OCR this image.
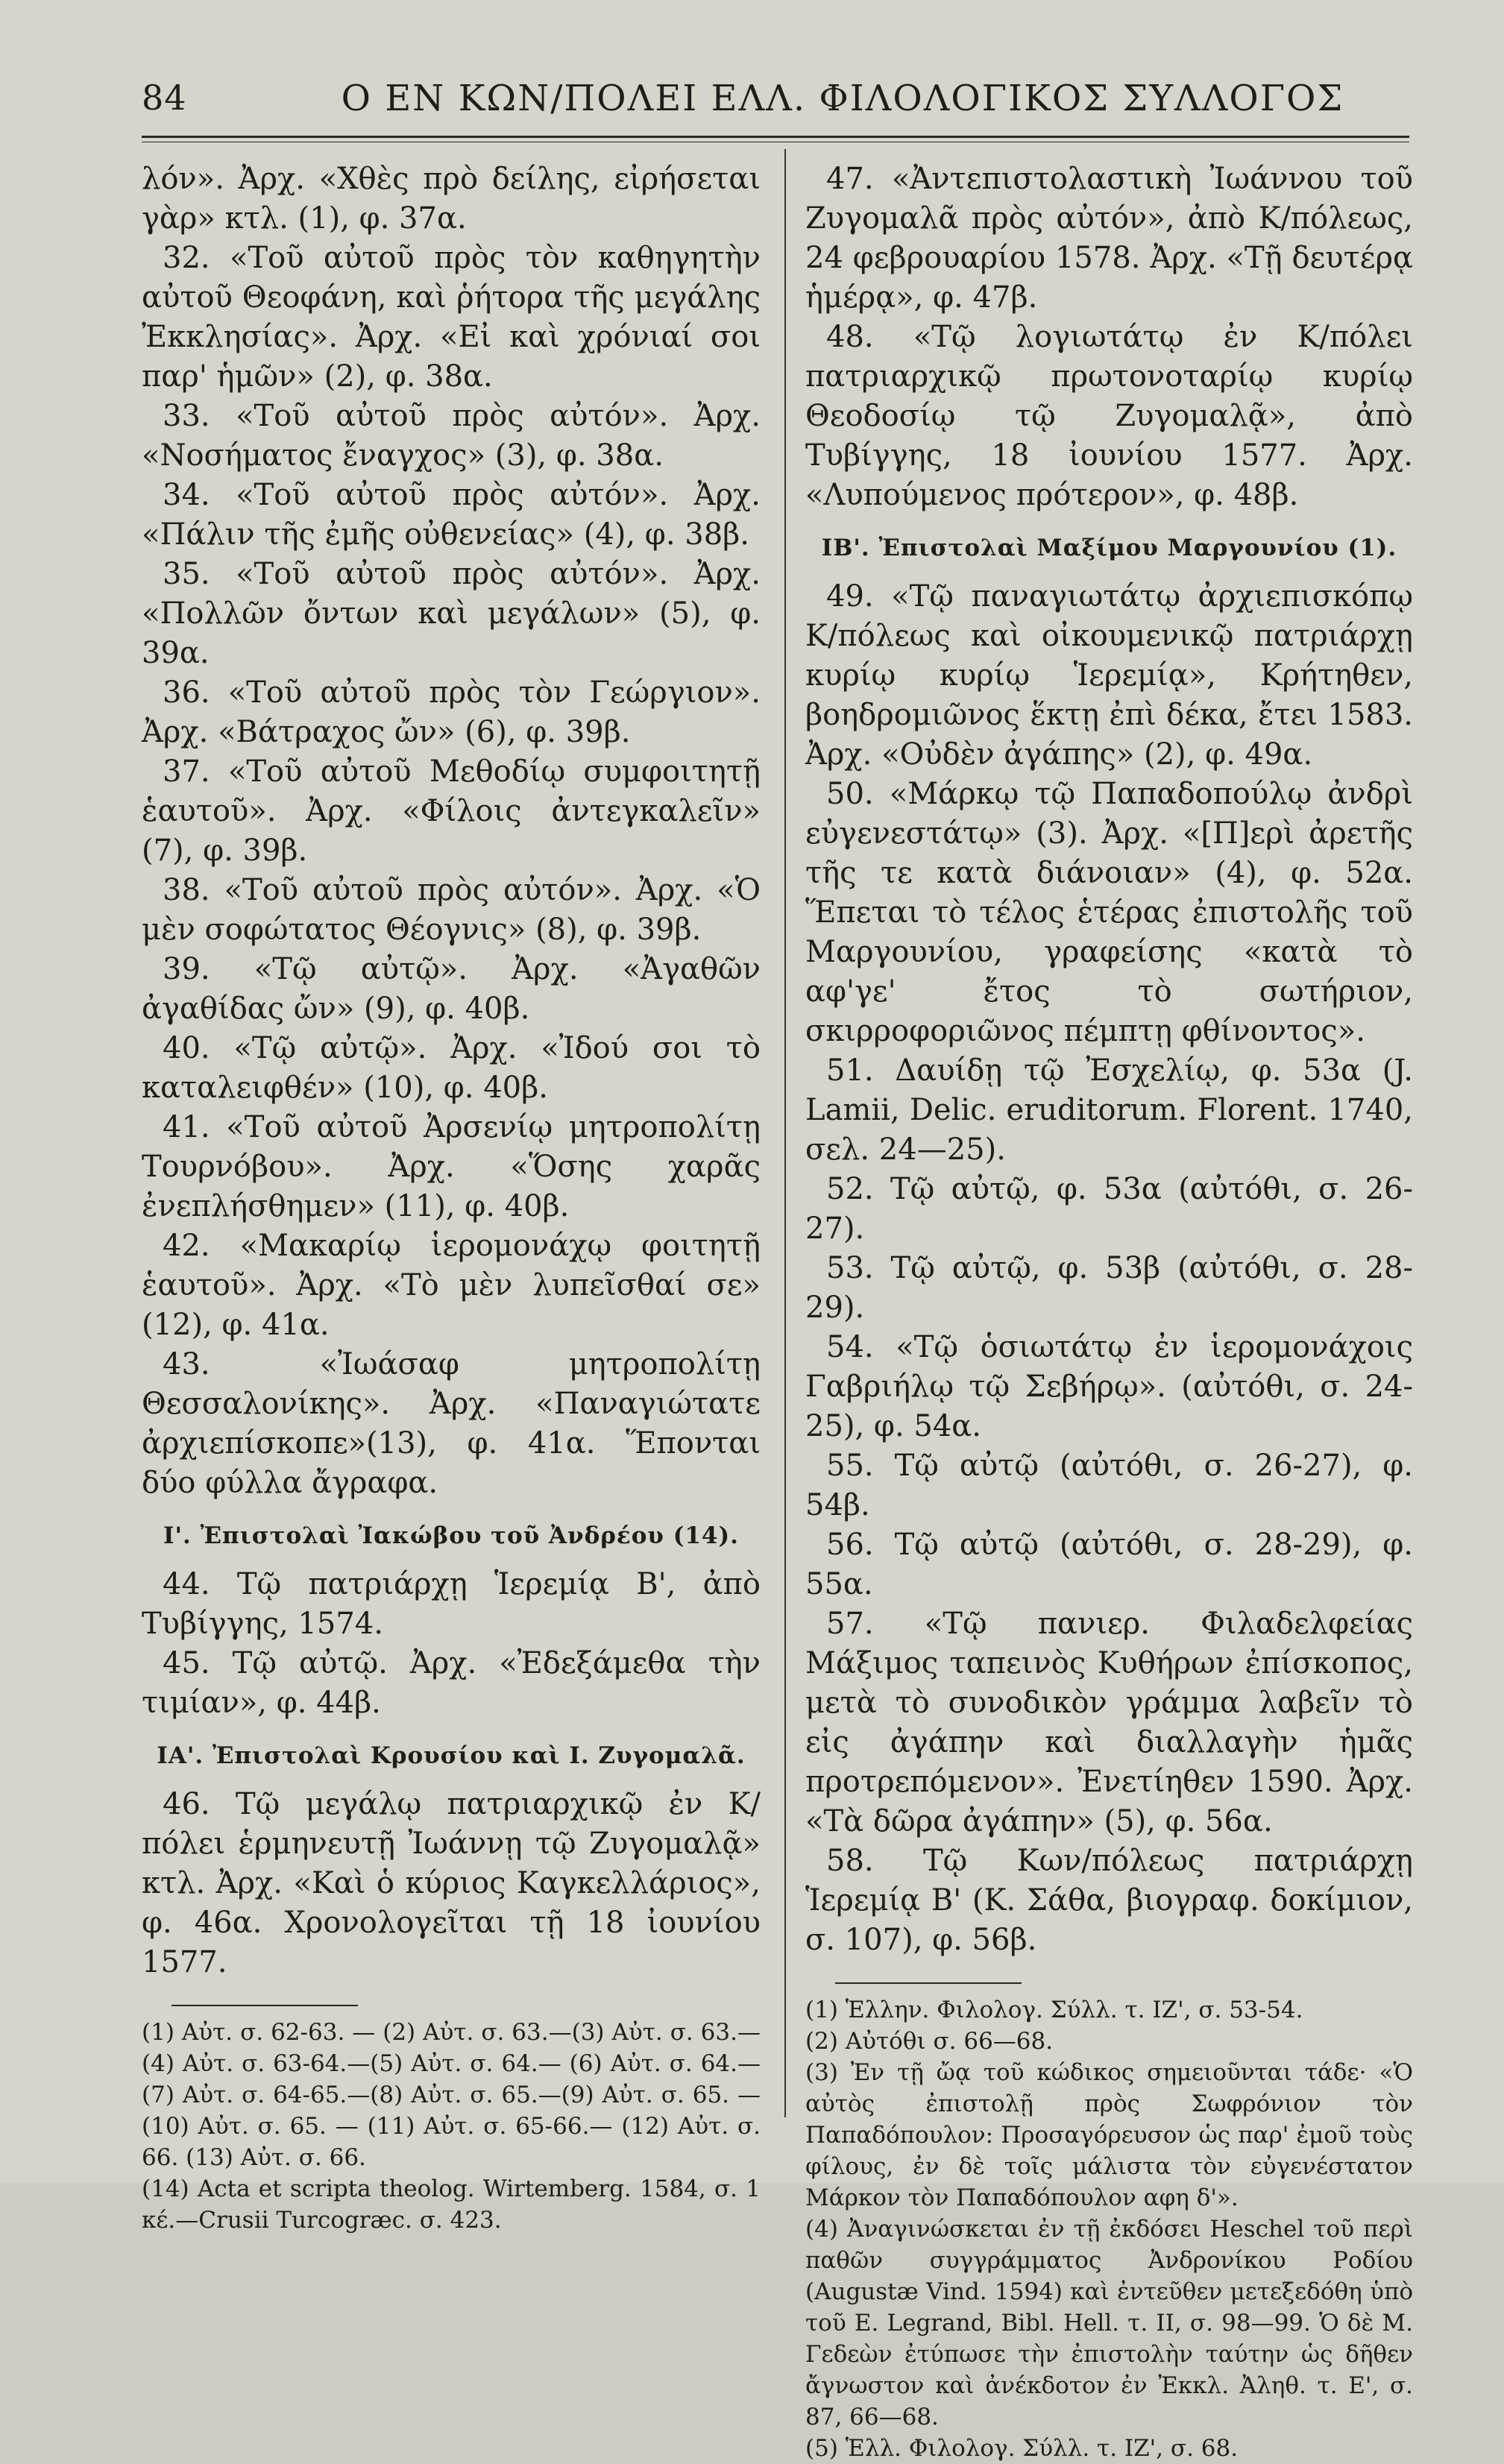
84	Ο ΕΝ ΚΩΝ/ΠΟΛΕΙ ΕΛΛ. ΦΙΛΟΛΟΓΙΚΟΣ ΣΥΛΛΟΓΟΣ

λόν». Ἀρχ. «Χθὲς πρὸ δείλης, εἰρήσεται γὰρ» κτλ. (1), φ. 37α.

32. «Τοῦ αὐτοῦ πρὸς τὸν καθηγητὴν αὐτοῦ Θεοφάνη, καὶ ῥήτορα τῆς μεγάλης Ἐκκλησίας». Ἀρχ. «Εἰ καὶ χρόνιαί σοι παρ' ἡμῶν» (2), φ. 38α.

33. «Τοῦ αὐτοῦ πρὸς αὐτόν». Ἀρχ. «Νοσήματος ἔναγχος» (3), φ. 38α.

34. «Τοῦ αὐτοῦ πρὸς αὐτόν». Ἀρχ. «Πάλιν τῆς ἐμῆς οὐθενείας» (4), φ. 38β.

35. «Τοῦ αὐτοῦ πρὸς αὐτόν». Ἀρχ. «Πολλῶν ὄντων καὶ μεγάλων» (5), φ. 39α.

36. «Τοῦ αὐτοῦ πρὸς τὸν Γεώργιον». Ἀρχ. «Βάτραχος ὤν» (6), φ. 39β.

37. «Τοῦ αὐτοῦ Μεθοδίῳ συμφοιτητῇ ἑαυτοῦ». Ἀρχ. «Φίλοις ἀντεγκαλεῖν» (7), φ. 39β.

38. «Τοῦ αὐτοῦ πρὸς αὐτόν». Ἀρχ. «Ὁ μὲν σοφώτατος Θέογνις» (8), φ. 39β.

39. «Τῷ αὐτῷ». Ἀρχ. «Ἀγαθῶν ἀγαθίδας ὤν» (9), φ. 40β.

40. «Τῷ αὐτῷ». Ἀρχ. «Ἰδού σοι τὸ καταλειφθέν» (10), φ. 40β.

41. «Τοῦ αὐτοῦ Ἀρσενίῳ μητροπολίτῃ Τουρνόβου». Ἀρχ. «Ὅσης χαρᾶς ἐνεπλήσθημεν» (11), φ. 40β.

42. «Μακαρίῳ ἱερομονάχῳ φοιτητῇ ἑαυτοῦ». Ἀρχ. «Τὸ μὲν λυπεῖσθαί σε» (12), φ. 41α.

43. «Ἰωάσαφ μητροπολίτῃ Θεσσαλονίκης». Ἀρχ. «Παναγιώτατε ἀρχιεπίσκοπε»(13), φ. 41α. Ἕπονται δύο φύλλα ἄγραφα.

Ι'. Ἐπιστολαὶ Ἰακώβου τοῦ Ἀνδρέου (14).

44. Τῷ πατριάρχῃ Ἱερεμίᾳ Β', ἀπὸ Τυβίγγης, 1574.

45. Τῷ αὐτῷ. Ἀρχ. «Ἐδεξάμεθα τὴν τιμίαν», φ. 44β.

ΙΑ'. Ἐπιστολαὶ Κρουσίου καὶ Ι. Ζυγομαλᾶ.

46. Τῷ μεγάλῳ πατριαρχικῷ ἐν Κ/πόλει ἑρμηνευτῇ Ἰωάννῃ τῷ Ζυγομαλᾷ» κτλ. Ἀρχ. «Καὶ ὁ κύριος Καγκελλάριος», φ. 46α. Χρονολογεῖται τῇ 18 ἰουνίου 1577.

(1) Αὐτ. σ. 62-63. — (2) Αὐτ. σ. 63.—(3) Αὐτ. σ. 63.—(4) Αὐτ. σ. 63-64.—(5) Αὐτ. σ. 64.— (6) Αὐτ. σ. 64.—(7) Αὐτ. σ. 64-65.—(8) Αὐτ. σ. 65.—(9) Αὐτ. σ. 65. — (10) Αὐτ. σ. 65. — (11) Αὐτ. σ. 65-66.— (12) Αὐτ. σ. 66. (13) Αὐτ. σ. 66.

(14) Acta et scripta theolog. Wirtemberg. 1584, σ. 1 κέ.—Crusii Turcogræc. σ. 423.

47. «Ἀντεπιστολαστικὴ Ἰωάννου τοῦ Ζυγομαλᾶ πρὸς αὐτόν», ἀπὸ Κ/πόλεως, 24 φεβρουαρίου 1578. Ἀρχ. «Τῇ δευτέρᾳ ἡμέρᾳ», φ. 47β.

48. «Τῷ λογιωτάτῳ ἐν Κ/πόλει πατριαρχικῷ πρωτονοταρίῳ κυρίῳ Θεοδοσίῳ τῷ Ζυγομαλᾷ», ἀπὸ Τυβίγγης, 18 ἰουνίου 1577. Ἀρχ. «Λυπούμενος πρότερον», φ. 48β.

ΙΒ'. Ἐπιστολαὶ Μαξίμου Μαργουνίου (1).

49. «Τῷ παναγιωτάτῳ ἀρχιεπισκόπῳ Κ/πόλεως καὶ οἰκουμενικῷ πατριάρχῃ κυρίῳ κυρίῳ Ἱερεμίᾳ», Κρήτηθεν, βοηδρομιῶνος ἕκτῃ ἐπὶ δέκα, ἔτει 1583. Ἀρχ. «Οὐδὲν ἀγάπης» (2), φ. 49α.

50. «Μάρκῳ τῷ Παπαδοπούλῳ ἀνδρὶ εὐγενεστάτῳ» (3). Ἀρχ. «[Π]ερὶ ἀρετῆς τῆς τε κατὰ διάνοιαν» (4), φ. 52α. Ἕπεται τὸ τέλος ἑτέρας ἐπιστολῆς τοῦ Μαργουνίου, γραφείσης «κατὰ τὸ αφ'γε' ἔτος τὸ σωτήριον, σκιρροφοριῶνος πέμπτῃ φθίνοντος».

51. Δαυίδῃ τῷ Ἐσχελίῳ, φ. 53α (J. Lamii, Delic. eruditorum. Florent. 1740, σελ. 24—25).

52. Τῷ αὐτῷ, φ. 53α (αὐτόθι, σ. 26-27).

53. Τῷ αὐτῷ, φ. 53β (αὐτόθι, σ. 28-29).

54. «Τῷ ὁσιωτάτῳ ἐν ἱερομονάχοις Γαβριήλῳ τῷ Σεβήρῳ». (αὐτόθι, σ. 24-25), φ. 54α.

55. Τῷ αὐτῷ (αὐτόθι, σ. 26-27), φ. 54β.

56. Τῷ αὐτῷ (αὐτόθι, σ. 28-29), φ. 55α.

57. «Τῷ πανιερ. Φιλαδελφείας Μάξιμος ταπεινὸς Κυθήρων ἐπίσκοπος, μετὰ τὸ συνοδικὸν γράμμα λαβεῖν τὸ εἰς ἀγάπην καὶ διαλλαγὴν ἡμᾶς προτρεπόμενον». Ἐνετίηθεν 1590. Ἀρχ. «Τὰ δῶρα ἀγάπην» (5), φ. 56α.

58. Τῷ Κων/πόλεως πατριάρχῃ Ἱερεμίᾳ Β' (Κ. Σάθα, βιογραφ. δοκίμιον, σ. 107), φ. 56β.

(1) Ἑλλην. Φιλολογ. Σύλλ. τ. ΙΖ', σ. 53-54.

(2) Αὐτόθι σ. 66—68.

(3) Ἐν τῇ ὤᾳ τοῦ κώδικος σημειοῦνται τάδε· «Ὁ αὐτὸς ἐπιστολῇ πρὸς Σωφρόνιον τὸν Παπαδόπουλον: Προσαγόρευσον ὡς παρ' ἐμοῦ τοὺς φίλους, ἐν δὲ τοῖς μάλιστα τὸν εὐγενέστατον Μάρκον τὸν Παπαδόπουλον αφη δ'».

(4) Ἀναγινώσκεται ἐν τῇ ἐκδόσει Heschel τοῦ περὶ παθῶν συγγράμματος Ἀνδρονίκου Ροδίου (Augustæ Vind. 1594) καὶ ἐντεῦθεν μετεξεδόθη ὑπὸ τοῦ E. Legrand, Bibl. Hell. τ. II, σ. 98—99. Ὁ δὲ Μ. Γεδεὼν ἐτύπωσε τὴν ἐπιστολὴν ταύτην ὡς δῆθεν ἄγνωστον καὶ ἀνέκδοτον ἐν Ἐκκλ. Ἀληθ. τ. Ε', σ. 87, 66—68.

(5) Ἑλλ. Φιλολογ. Σύλλ. τ. ΙΖ', σ. 68.
